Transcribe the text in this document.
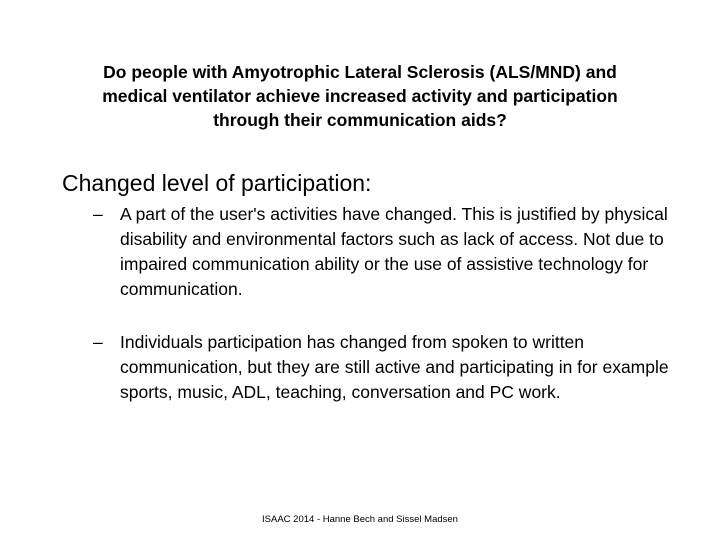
Do people with Amyotrophic Lateral Sclerosis (ALS/MND) and
medical ventilator achieve increased activity and participation
through their communication aids?
Changed level of participation:
– A part of the user's activities have changed. This is justified by physical disability and environmental factors such as lack of access. Not due to impaired communication ability or the use of assistive technology for communication.
– Individuals participation has changed from spoken to written communication, but they are still active and participating in for example sports, music, ADL, teaching, conversation and PC work.
ISAAC 2014 - Hanne Bech and Sissel Madsen
